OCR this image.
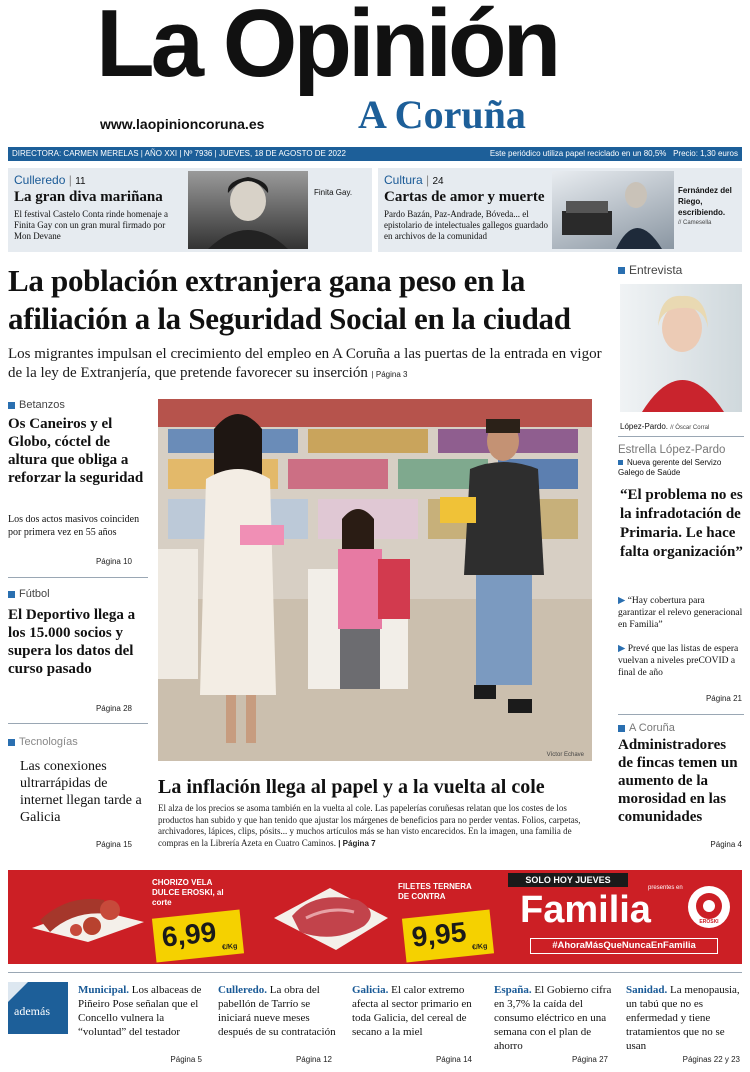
La Opinión
A Coruña
www.laopinioncoruna.es
DIRECTORA: CARMEN MERELAS | AÑO XXI | Nº 7936 | JUEVES, 18 DE AGOSTO DE 2022	Este periódico utiliza papel reciclado en un 80,5% Precio: 1,30 euros
Culleredo | 11
La gran diva mariñana
El festival Castelo Conta rinde homenaje a Finita Gay con un gran mural firmado por Mon Devane
Finita Gay.
Cultura | 24
Cartas de amor y muerte
Pardo Bazán, Paz-Andrade, Bóveda... el epistolario de intelectuales gallegos guardado en archivos de la comunidad
Fernández del Riego, escribiendo.
// Camesella
La población extranjera gana peso en la afiliación a la Seguridad Social en la ciudad
Los migrantes impulsan el crecimiento del empleo en A Coruña a las puertas de la entrada en vigor de la ley de Extranjería, que pretende favorecer su inserción | Página 3
Betanzos
Os Caneiros y el Globo, cóctel de altura que obliga a reforzar la seguridad
Los dos actos masivos coinciden por primera vez en 55 años
Página 10
Fútbol
El Deportivo llega a los 15.000 socios y supera los datos del curso pasado
Página 28
Tecnologías
Las conexiones ultrarrápidas de internet llegan tarde a Galicia
Página 15
Víctor Echave
La inflación llega al papel y a la vuelta al cole
El alza de los precios se asoma también en la vuelta al cole. Las papelerías coruñesas relatan que los costes de los productos han subido y que han tenido que ajustar los márgenes de beneficios para no perder ventas. Folios, carpetas, archivadores, lápices, clips, pósits... y muchos artículos más se han visto encarecidos. En la imagen, una familia de compras en la Librería Azeta en Cuatro Caminos. | Página 7
Entrevista
López-Pardo. // Óscar Corral
Estrella López-Pardo
Nueva gerente del Servizo Galego de Saúde
“El problema no es la infradotación de Primaria. Le hace falta organización”
▶ “Hay cobertura para garantizar el relevo generacional en Familia”
▶ Prevé que las listas de espera vuelvan a niveles preCOVID a final de año
Página 21
A Coruña
Administradores de fincas temen un aumento de la morosidad en las comunidades
Página 4
CHORIZO VELA DULCE EROSKI, al corte
6,99 €/Kg
FILETES TERNERA DE CONTRA
9,95 €/Kg
SOLO HOY JUEVES
Familia
presentes en
EROSKI
#AhoraMásQueNuncaEnFamilia
además
Municipal. Los albaceas de Piñeiro Pose señalan que el Concello vulnera la “voluntad” del testador
Página 5
Culleredo. La obra del pabellón de Tarrío se iniciará nueve meses después de su contratación
Página 12
Galicia. El calor extremo afecta al sector primario en toda Galicia, del cereal de secano a la miel
Página 14
España. El Gobierno cifra en 3,7% la caída del consumo eléctrico en una semana con el plan de ahorro
Página 27
Sanidad. La menopausia, un tabú que no es enfermedad y tiene tratamientos que no se usan
Páginas 22 y 23
